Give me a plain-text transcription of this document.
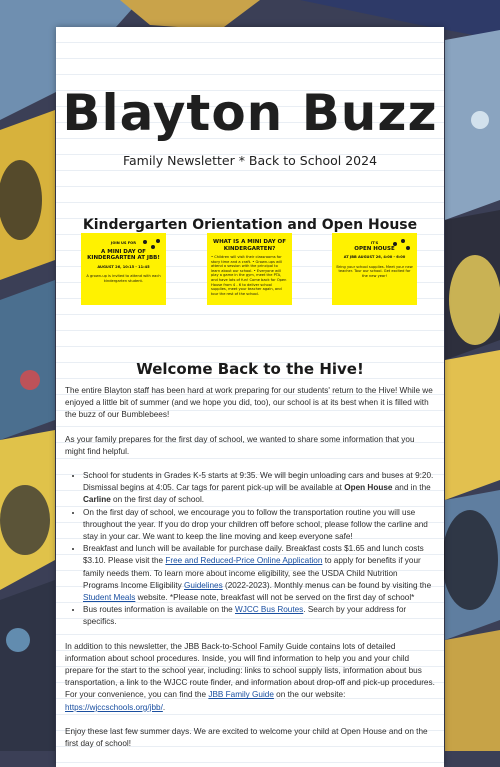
Blayton Buzz
Family Newsletter * Back to School 2024
Kindergarten Orientation and Open House
JOIN US FOR
A MINI DAY OF KINDERGARTEN AT JBB!
AUGUST 26, 10:15 - 11:45
A grown-up is invited to attend with each kindergarten student.
WHAT IS A MINI DAY OF KINDERGARTEN?
• Children will visit their classrooms for story time and a craft. • Grown-ups will attend a session with the principal to learn about our school. • Everyone will play a game in the gym, meet the PTA, and have lots of fun! Come back for Open House from 4 - 6 to deliver school supplies, meet your teacher again, and tour the rest of the school.
IT'S
OPEN HOUSE
AT JBB AUGUST 26, 4:00 - 6:00
Bring your school supplies. Meet your new teacher. Tour our school. Get excited for the new year!
Welcome Back to the Hive!

The entire Blayton staff has been hard at work preparing for our students' return to the Hive! While we enjoyed a little bit of summer (and we hope you did, too), our school is at its best when it is filled with the buzz of our Bumblebees!

As your family prepares for the first day of school, we wanted to share some information that you might find helpful.

• School for students in Grades K-5 starts at 9:35. We will begin unloading cars and buses at 9:20. Dismissal begins at 4:05. Car tags for parent pick-up will be available at Open House and in the Carline on the first day of school.
• On the first day of school, we encourage you to follow the transportation routine you will use throughout the year. If you do drop your children off before school, please follow the carline and stay in your car. We want to keep the line moving and keep everyone safe!
• Breakfast and lunch will be available for purchase daily. Breakfast costs $1.65 and lunch costs $3.10. Please visit the Free and Reduced-Price Online Application to apply for benefits if your family needs them. To learn more about income eligibility, see the USDA Child Nutrition Programs Income Eligibility Guidelines (2022-2023). Monthly menus can be found by visiting the Student Meals website. *Please note, breakfast will not be served on the first day of school*
• Bus routes information is available on the WJCC Bus Routes. Search by your address for specifics.

In addition to this newsletter, the JBB Back-to-School Family Guide contains lots of detailed information about school procedures. Inside, you will find information to help you and your child prepare for the start to the school year, including: links to school supply lists, information about bus transportation, a link to the WJCC route finder, and information about drop-off and pick-up procedures. For your convenience, you can find the JBB Family Guide on the our website: https://wjccschools.org/jbb/.

Enjoy these last few summer days. We are excited to welcome your child at Open House and on the first day of school!
